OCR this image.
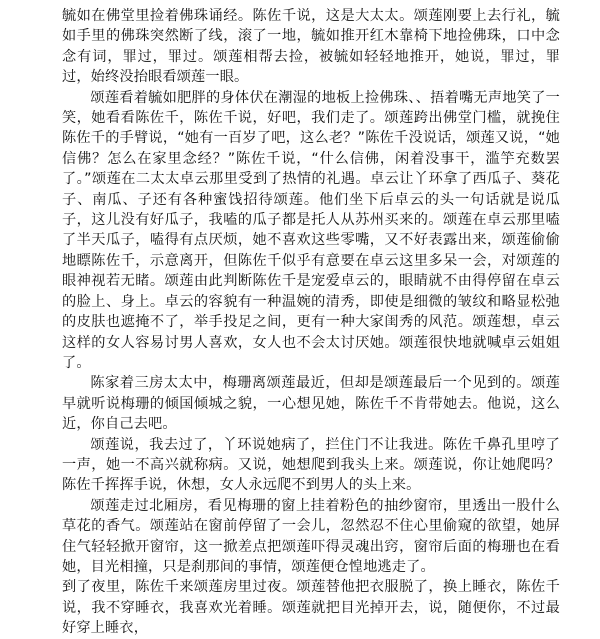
毓如在佛堂里捡着佛珠诵经。陈佐千说，这是大太太。颂莲刚要上去行礼，毓如手里的佛珠突然断了线，滚了一地，毓如推开红木靠椅下地捡佛珠，口中念念有词，罪过，罪过。颂莲相帮去捡，被毓如轻轻地推开，她说，罪过，罪过，始终没抬眼看颂莲一眼。

颂莲看着毓如肥胖的身体伏在潮湿的地板上捡佛珠、、捂着嘴无声地笑了一笑，她看看陈佐千，陈佐千说，好吧，我们走了。颂莲跨出佛堂门槛，就挽住陈佐千的手臂说，“她有一百岁了吧，这么老？”陈佐千没说话，颂莲又说，“她信佛？怎么在家里念经？”陈佐千说，“什么信佛，闲着没事干，滥竽充数罢了。”颂莲在二太太卓云那里受到了热情的礼遇。卓云让丫环拿了西瓜子、葵花子、南瓜、子还有各种蜜饯招待颂莲。他们坐下后卓云的头一句话就是说瓜子，这儿没有好瓜子，我嗑的瓜子都是托人从苏州买来的。颂莲在卓云那里嗑了半天瓜子，嗑得有点厌烦，她不喜欢这些零嘴，又不好表露出来，颂莲偷偷地瞟陈佐千，示意离开，但陈佐千似乎有意要在卓云这里多呆一会，对颂莲的眼神视若无睹。颂莲由此判断陈佐千是宠爱卓云的，眼睛就不由得停留在卓云的脸上、身上。卓云的容貌有一种温婉的清秀，即使是细微的皱纹和略显松弛的皮肤也遮掩不了，举手投足之间，更有一种大家闺秀的风范。颂莲想，卓云这样的女人容易讨男人喜欢，女人也不会太讨厌她。颂莲很快地就喊卓云姐姐了。

陈家着三房太太中，梅珊离颂莲最近，但却是颂莲最后一个见到的。颂莲早就听说梅珊的倾国倾城之貌，一心想见她，陈佐千不肯带她去。他说，这么近，你自己去吧。

颂莲说，我去过了，丫环说她病了，拦住门不让我进。陈佐千鼻孔里哼了一声，她一不高兴就称病。又说，她想爬到我头上来。颂莲说，你让她爬吗？陈佐千挥挥手说，休想，女人永远爬不到男人的头上来。

颂莲走过北厢房，看见梅珊的窗上挂着粉色的抽纱窗帘，里透出一股什么草花的香气。颂莲站在窗前停留了一会儿，忽然忍不住心里偷窥的欲望，她屏住气轻轻掀开窗帘，这一掀差点把颂莲吓得灵魂出窍，窗帘后面的梅珊也在看她，目光相撞，只是刹那间的事情，颂莲便仓惶地逃走了。

到了夜里，陈佐千来颂莲房里过夜。颂莲替他把衣服脱了，换上睡衣，陈佐千说，我不穿睡衣，我喜欢光着睡。颂莲就把目光掉开去，说，随便你，不过最好穿上睡衣，
